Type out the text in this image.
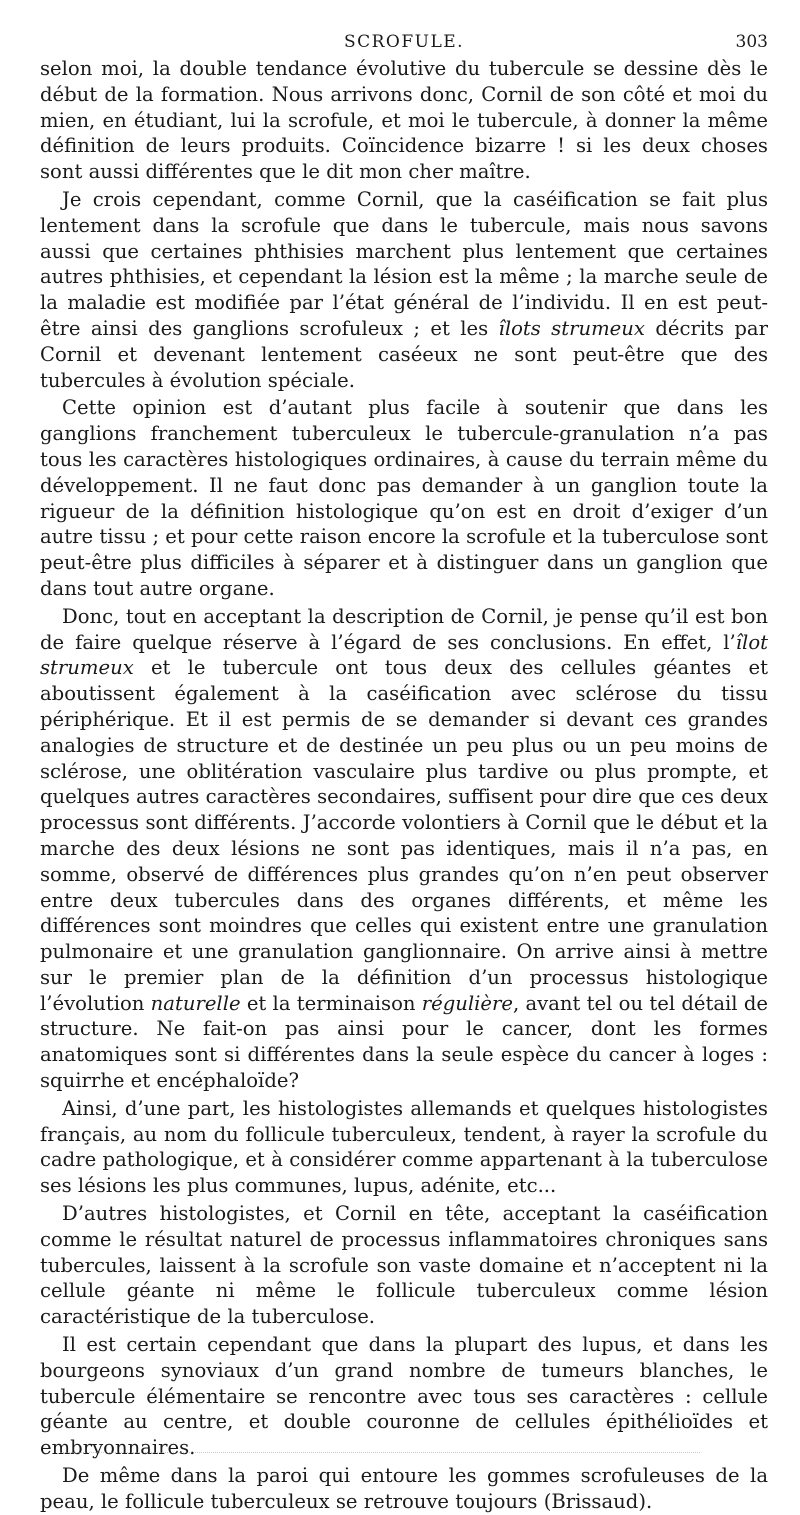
SCROFULE.	303

selon moi, la double tendance évolutive du tubercule se dessine dès le début de la formation. Nous arrivons donc, Cornil de son côté et moi du mien, en étudiant, lui la scrofule, et moi le tubercule, à donner la même définition de leurs produits. Coïncidence bizarre ! si les deux choses sont aussi différentes que le dit mon cher maître.

Je crois cependant, comme Cornil, que la caséification se fait plus lentement dans la scrofule que dans le tubercule, mais nous savons aussi que certaines phthisies marchent plus lentement que certaines autres phthisies, et cependant la lésion est la même ; la marche seule de la maladie est modifiée par l’état général de l’individu. Il en est peut-être ainsi des ganglions scrofuleux ; et les îlots strumeux décrits par Cornil et devenant lentement caséeux ne sont peut-être que des tubercules à évolution spéciale.

Cette opinion est d’autant plus facile à soutenir que dans les ganglions franchement tuberculeux le tubercule-granulation n’a pas tous les caractères histologiques ordinaires, à cause du terrain même du développement. Il ne faut donc pas demander à un ganglion toute la rigueur de la définition histologique qu’on est en droit d’exiger d’un autre tissu ; et pour cette raison encore la scrofule et la tuberculose sont peut-être plus difficiles à séparer et à distinguer dans un ganglion que dans tout autre organe.

Donc, tout en acceptant la description de Cornil, je pense qu’il est bon de faire quelque réserve à l’égard de ses conclusions. En effet, l’îlot strumeux et le tubercule ont tous deux des cellules géantes et aboutissent également à la caséification avec sclérose du tissu périphérique. Et il est permis de se demander si devant ces grandes analogies de structure et de destinée un peu plus ou un peu moins de sclérose, une oblitération vasculaire plus tardive ou plus prompte, et quelques autres caractères secondaires, suffisent pour dire que ces deux processus sont différents. J’accorde volontiers à Cornil que le début et la marche des deux lésions ne sont pas identiques, mais il n’a pas, en somme, observé de différences plus grandes qu’on n’en peut observer entre deux tubercules dans des organes différents, et même les différences sont moindres que celles qui existent entre une granulation pulmonaire et une granulation ganglionnaire. On arrive ainsi à mettre sur le premier plan de la définition d’un processus histologique l’évolution naturelle et la terminaison régulière, avant tel ou tel détail de structure. Ne fait-on pas ainsi pour le cancer, dont les formes anatomiques sont si différentes dans la seule espèce du cancer à loges : squirrhe et encéphaloïde?

Ainsi, d’une part, les histologistes allemands et quelques histologistes français, au nom du follicule tuberculeux, tendent, à rayer la scrofule du cadre pathologique, et à considérer comme appartenant à la tuberculose ses lésions les plus communes, lupus, adénite, etc...

D’autres histologistes, et Cornil en tête, acceptant la caséification comme le résultat naturel de processus inflammatoires chroniques sans tubercules, laissent à la scrofule son vaste domaine et n’acceptent ni la cellule géante ni même le follicule tuberculeux comme lésion caractéristique de la tuberculose.

Il est certain cependant que dans la plupart des lupus, et dans les bourgeons synoviaux d’un grand nombre de tumeurs blanches, le tubercule élémentaire se rencontre avec tous ses caractères : cellule géante au centre, et double couronne de cellules épithélioïdes et embryonnaires.

De même dans la paroi qui entoure les gommes scrofuleuses de la peau, le follicule tuberculeux se retrouve toujours (Brissaud).
